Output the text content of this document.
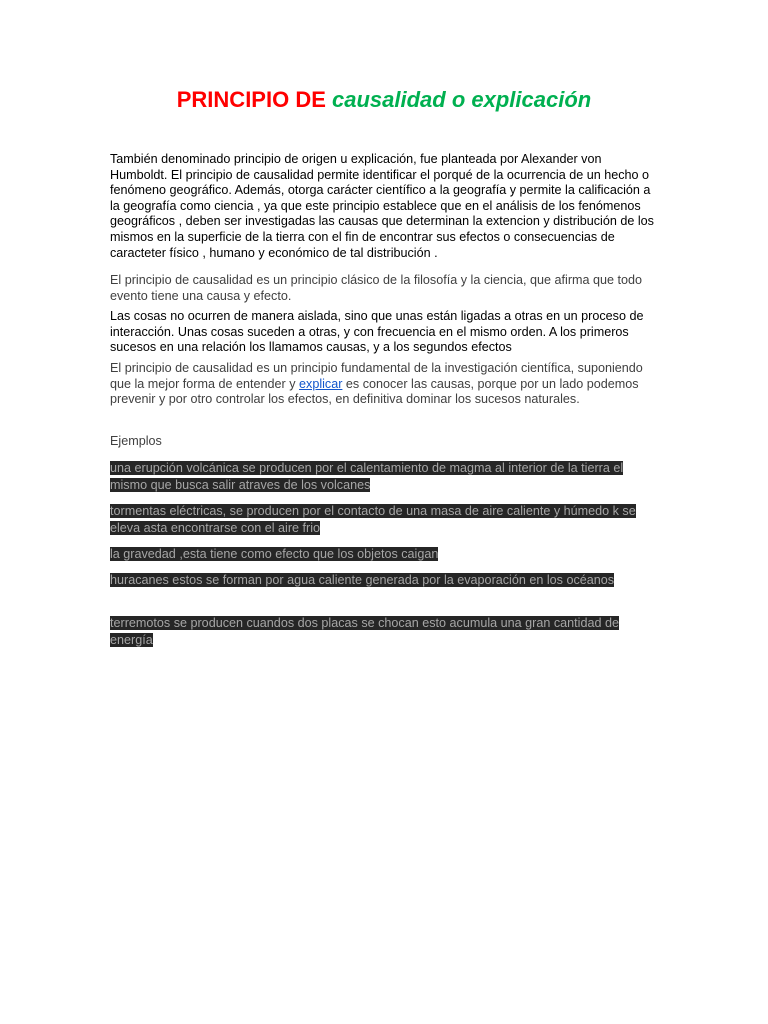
PRINCIPIO DE causalidad o explicación

También denominado principio de origen u explicación, fue planteada por Alexander von Humboldt. El principio de causalidad permite identificar el porqué de la ocurrencia de un hecho o fenómeno geográfico. Además, otorga carácter científico a la geografía y permite la calificación a la geografía como ciencia , ya que este principio establece que en el análisis de los fenómenos geográficos , deben ser investigadas las causas que determinan la extencion y distribución de los mismos en la superficie de la tierra con el fin de encontrar sus efectos o consecuencias de caracteter físico , humano y económico de tal distribución .

El principio de causalidad es un principio clásico de la filosofía y la ciencia, que afirma que todo evento tiene una causa y efecto.

Las cosas no ocurren de manera aislada, sino que unas están ligadas a otras en un proceso de interacción. Unas cosas suceden a otras, y con frecuencia en el mismo orden. A los primeros sucesos en una relación los llamamos causas, y a los segundos efectos

El principio de causalidad es un principio fundamental de la investigación científica, suponiendo que la mejor forma de entender y explicar es conocer las causas, porque por un lado podemos prevenir y por otro controlar los efectos, en definitiva dominar los sucesos naturales.

Ejemplos

una erupción volcánica se producen por el calentamiento de magma al interior de la tierra el mismo que busca salir atraves de los volcanes

tormentas eléctricas, se producen por el contacto de una masa de aire caliente y húmedo k se eleva asta encontrarse con el aire frio

la gravedad ,esta tiene como efecto que los objetos caigan

huracanes estos se forman por agua caliente generada por la evaporación en los océanos

terremotos se producen cuandos dos placas se chocan esto acumula una gran cantidad de energía
